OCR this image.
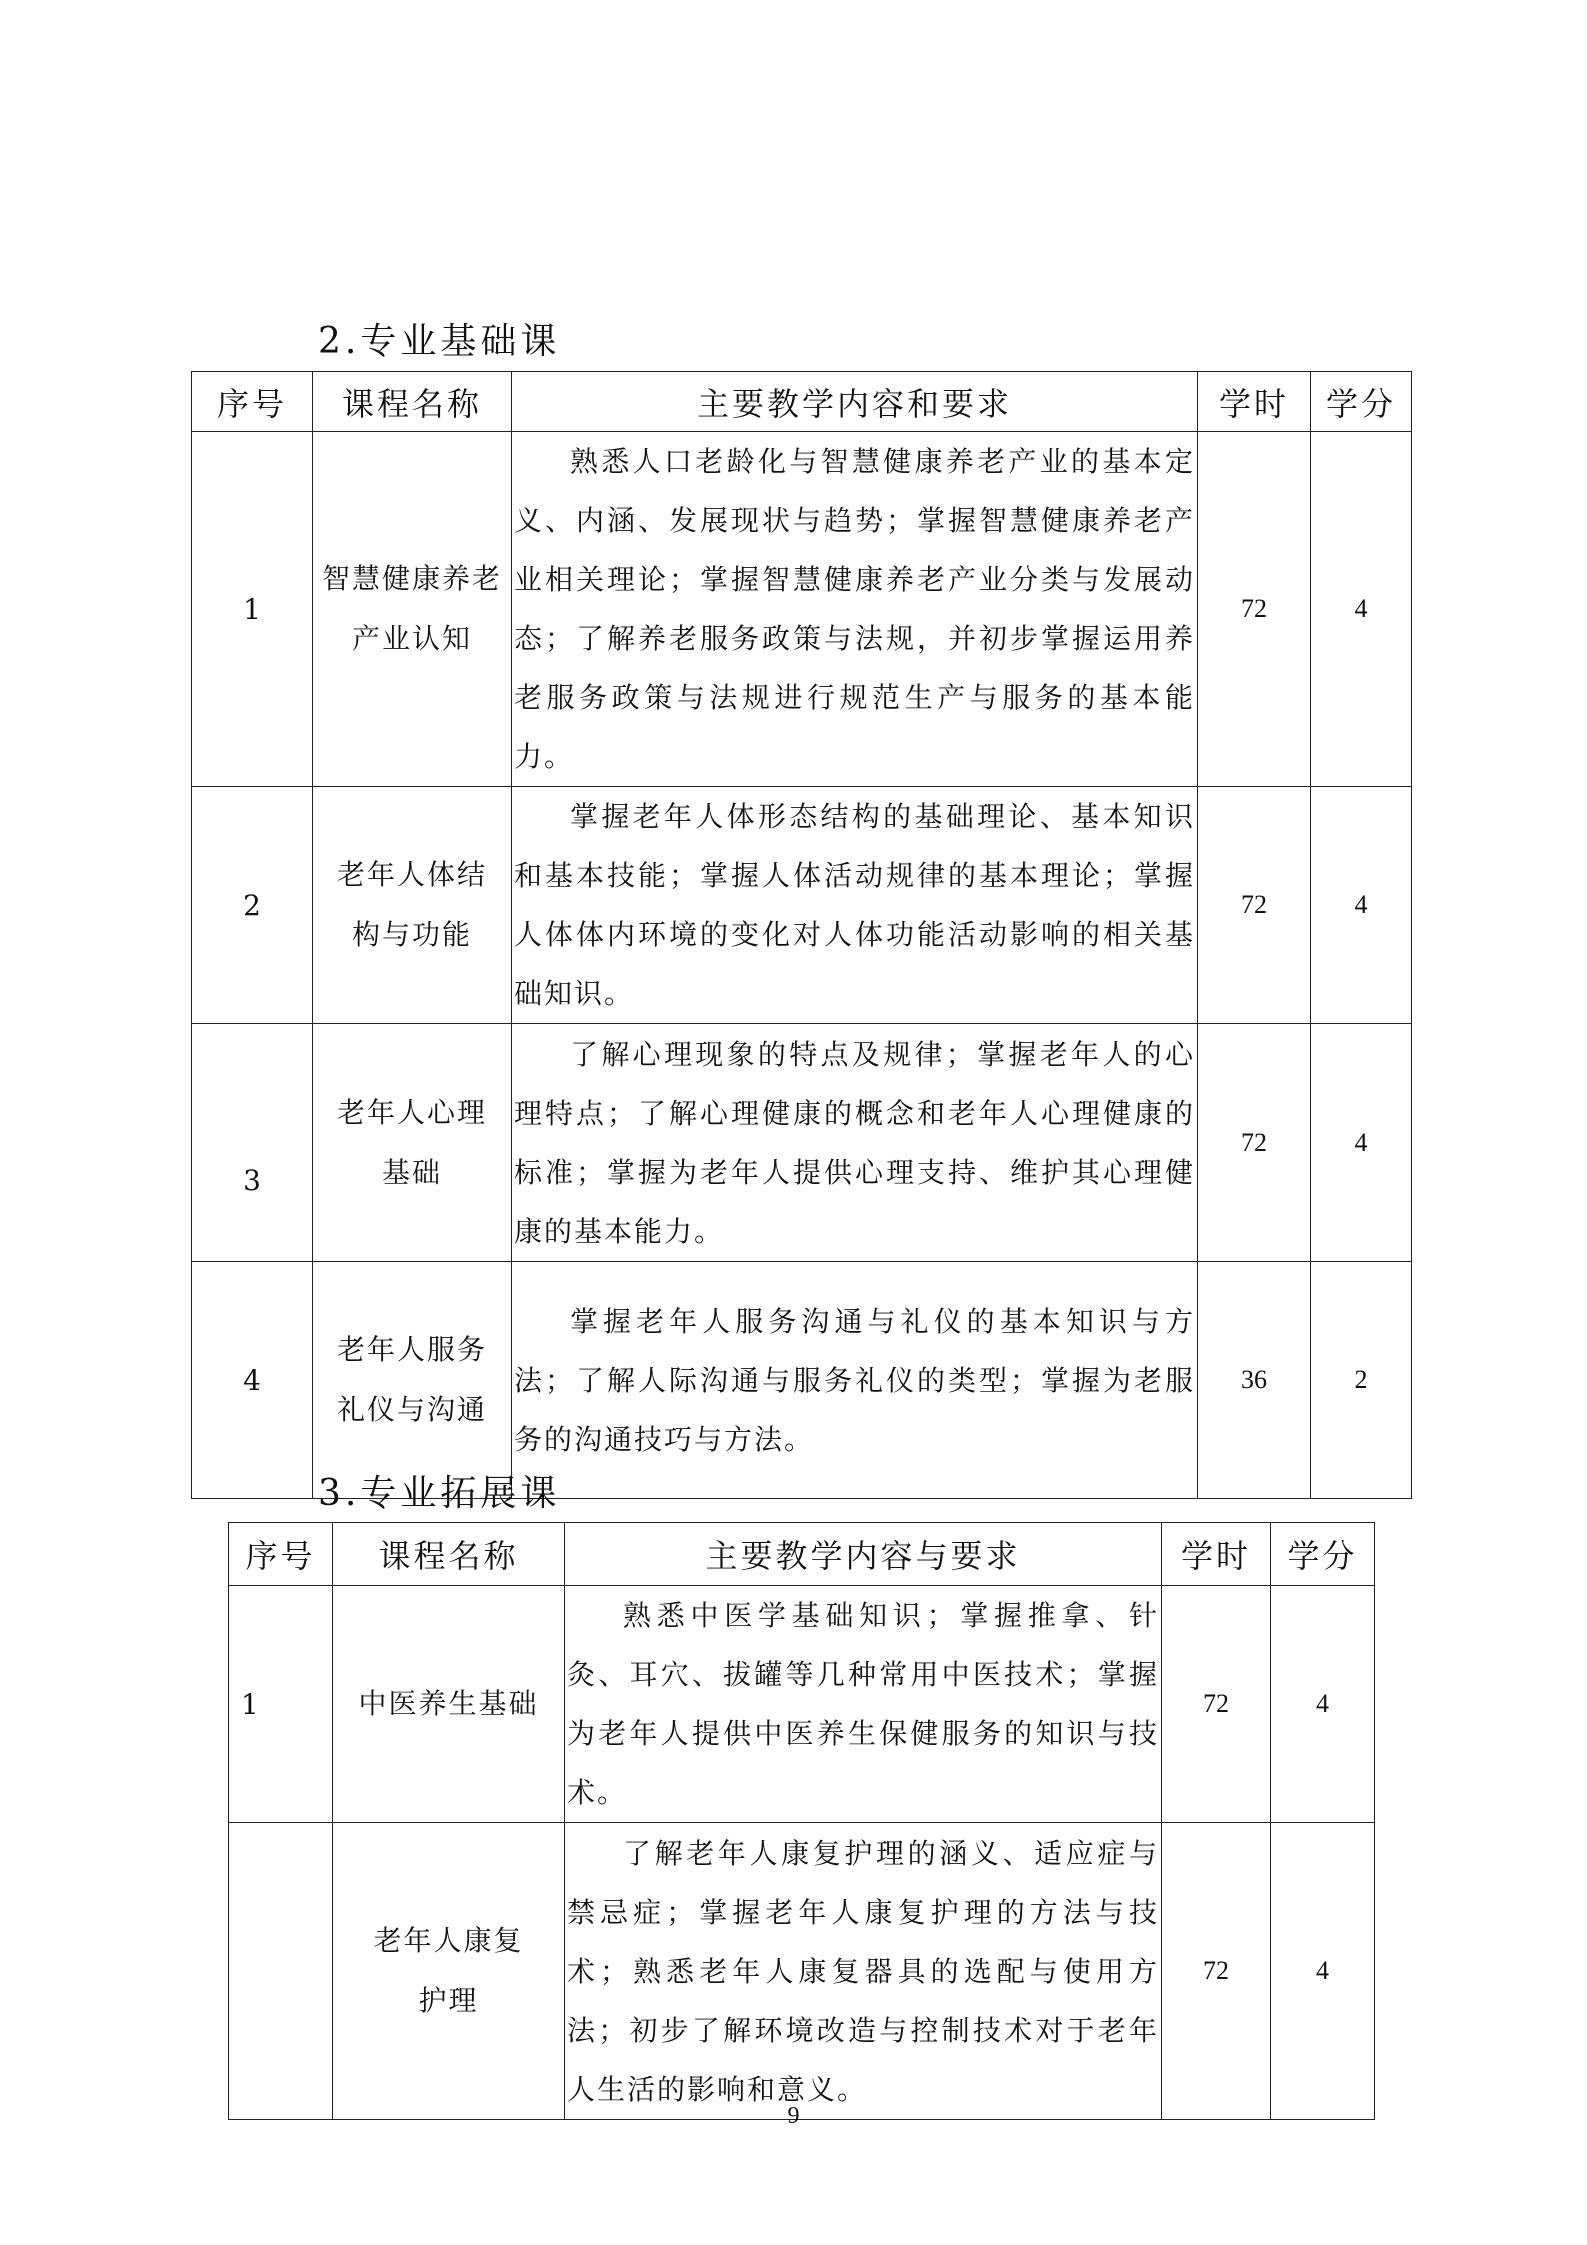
2.专业基础课
序号	课程名称	主要教学内容和要求	学时	学分
1	智慧健康养老产业认知	熟悉人口老龄化与智慧健康养老产业的基本定义、内涵、发展现状与趋势；掌握智慧健康养老产业相关理论；掌握智慧健康养老产业分类与发展动态；了解养老服务政策与法规，并初步掌握运用养老服务政策与法规进行规范生产与服务的基本能力。	72	4
2	老年人体结构与功能	掌握老年人体形态结构的基础理论、基本知识和基本技能；掌握人体活动规律的基本理论；掌握人体体内环境的变化对人体功能活动影响的相关基础知识。	72	4
3	老年人心理基础	了解心理现象的特点及规律；掌握老年人的心理特点；了解心理健康的概念和老年人心理健康的标准；掌握为老年人提供心理支持、维护其心理健康的基本能力。	72	4
4	老年人服务礼仪与沟通	掌握老年人服务沟通与礼仪的基本知识与方法；了解人际沟通与服务礼仪的类型；掌握为老服务的沟通技巧与方法。	36	2
3.专业拓展课
序号	课程名称	主要教学内容与要求	学时	学分
1	中医养生基础	熟悉中医学基础知识；掌握推拿、针灸、耳穴、拔罐等几种常用中医技术；掌握为老年人提供中医养生保健服务的知识与技术。	72	4
	老年人康复护理	了解老年人康复护理的涵义、适应症与禁忌症；掌握老年人康复护理的方法与技术；熟悉老年人康复器具的选配与使用方法；初步了解环境改造与控制技术对于老年人生活的影响和意义。	72	4
9
